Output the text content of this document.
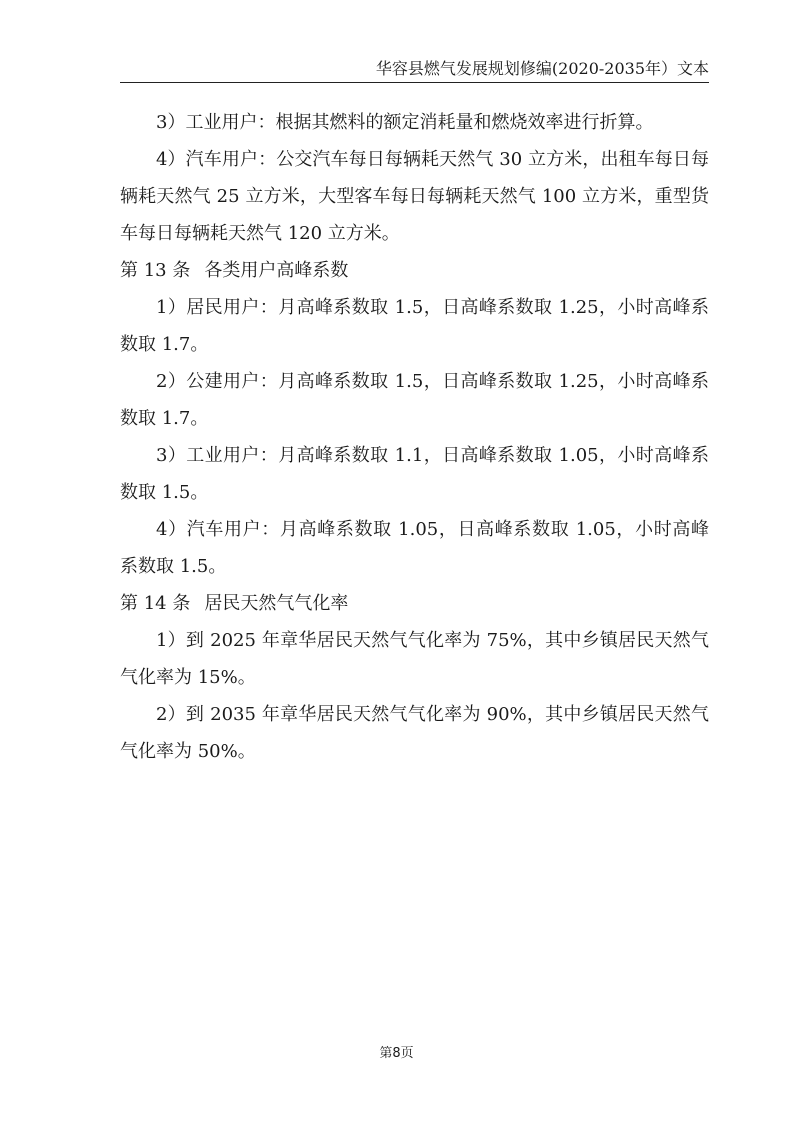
华容县燃气发展规划修编(2020-2035年）文本

3）工业用户：根据其燃料的额定消耗量和燃烧效率进行折算。

4）汽车用户：公交汽车每日每辆耗天然气 30 立方米，出租车每日每辆耗天然气 25 立方米，大型客车每日每辆耗天然气 100 立方米，重型货车每日每辆耗天然气 120 立方米。

第 13 条 各类用户高峰系数

1）居民用户：月高峰系数取 1.5，日高峰系数取 1.25，小时高峰系数取 1.7。

2）公建用户：月高峰系数取 1.5，日高峰系数取 1.25，小时高峰系数取 1.7。

3）工业用户：月高峰系数取 1.1，日高峰系数取 1.05，小时高峰系数取 1.5。

4）汽车用户：月高峰系数取 1.05，日高峰系数取 1.05，小时高峰系数取 1.5。

第 14 条 居民天然气气化率

1）到 2025 年章华居民天然气气化率为 75%，其中乡镇居民天然气气化率为 15%。

2）到 2035 年章华居民天然气气化率为 90%，其中乡镇居民天然气气化率为 50%。

第8页
